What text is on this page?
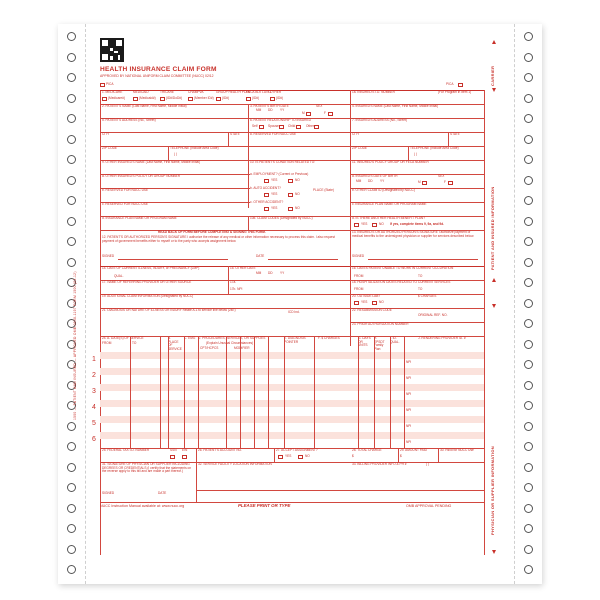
HEALTH INSURANCE CLAIM FORM
APPROVED BY NATIONAL UNIFORM CLAIM COMMITTEE (NUCC) 02/12
PICA	PICA	CARRIER
PATIENT AND INSURED INFORMATION
PHYSICIAN OR SUPPLIER INFORMATION
1500 — PATIENT AND INSURED — APPROVED OMB-0938-1197 FORM 1500 (02-12)
1. MEDICARE	MEDICAID	TRICARE	CHAMPVA	GROUP HEALTH PLAN
FECA BLK LUNG OTHER
(Medicare#)	(Medicaid#)	(ID#/DoD#)	(Member ID#)	(ID#)	(ID#)	(ID#)
1a. INSURED'S I.D. NUMBER	(For Program in Item 1)
2. PATIENT'S NAME (Last Name, First Name, Middle Initial)	3. PATIENT'S BIRTH DATE	SEX
MM DD YY
M	F
4. INSURED'S NAME (Last Name, First Name, Middle Initial)
5. PATIENT'S ADDRESS (No., Street)	6. PATIENT RELATIONSHIP TO INSURED
Self	Spouse	Child	Other
7. INSURED'S ADDRESS (No., Street)
CITY	STATE	8. RESERVED FOR NUCC USE	CITY	STATE
ZIP CODE	TELEPHONE (Include Area Code)
( )
ZIP CODE	TELEPHONE (Include Area Code)
( )
9. OTHER INSURED'S NAME (Last Name, First Name, Middle Initial)	10. IS PATIENT'S CONDITION RELATED TO:	11. INSURED'S POLICY GROUP OR FECA NUMBER
a. OTHER INSURED'S POLICY OR GROUP NUMBER	a. EMPLOYMENT? (Current or Previous)
YES	NO
a. INSURED'S DATE OF BIRTH	SEX
MM DD YY	M	F
b. RESERVED FOR NUCC USE	b. AUTO ACCIDENT?	PLACE (State)
YES	NO
b. OTHER CLAIM ID (Designated by NUCC)
c. RESERVED FOR NUCC USE	c. OTHER ACCIDENT?
YES	NO
c. INSURANCE PLAN NAME OR PROGRAM NAME
d. INSURANCE PLAN NAME OR PROGRAM NAME	10d. CLAIM CODES (Designated by NUCC)	d. IS THERE ANOTHER HEALTH BENEFIT PLAN?
YES	NO If yes, complete items 9, 9a, and 9d.
READ BACK OF FORM BEFORE COMPLETING & SIGNING THIS FORM.
12. PATIENT'S OR AUTHORIZED PERSON'S SIGNATURE I authorize the release of any medical or other information necessary to process this claim. I also request payment of government benefits either to myself or to the party who accepts assignment below.
13. INSURED'S OR AUTHORIZED PERSON'S SIGNATURE I authorize payment of medical benefits to the undersigned physician or supplier for services described below.
SIGNED	DATE	SIGNED
14. DATE OF CURRENT ILLNESS, INJURY, or PREGNANCY (LMP)
QUAL.
15. OTHER DATE
MM DD YY
16. DATES PATIENT UNABLE TO WORK IN CURRENT OCCUPATION
FROM	TO
17. NAME OF REFERRING PROVIDER OR OTHER SOURCE	17a.
17b. NPI
18. HOSPITALIZATION DATES RELATED TO CURRENT SERVICES
FROM	TO
19. ADDITIONAL CLAIM INFORMATION (Designated by NUCC)	20. OUTSIDE LAB?	$ CHARGES
YES	NO
21. DIAGNOSIS OR NATURE OF ILLNESS OR INJURY Relate A-L to service line below (24E)	ICD Ind.	22. RESUBMISSION CODE
ORIGINAL REF. NO.
23. PRIOR AUTHORIZATION NUMBER
24. A. DATE(S) OF SERVICE
FROM	TO
B. PLACE OF SERVICE
C. EMG D. PROCEDURES, SERVICES, OR SUPPLIES
(Explain Unusual Circumstances)
CPT/HCPCS	MODIFIER
E. DIAGNOSIS POINTER
F. $ CHARGES	G. DAYS OR UNITS
H. EPSDT Family Plan
I. ID. QUAL.
J. RENDERING PROVIDER ID. #
1	NPI
2	NPI
3	NPI
4	NPI
5	NPI
6	NPI
25. FEDERAL TAX I.D. NUMBER	SSN EIN	26. PATIENT'S ACCOUNT NO.	27. ACCEPT ASSIGNMENT?
YES	NO
28. TOTAL CHARGE
$
29. AMOUNT PAID
$
30. Rsvd for NUCC Use
31. SIGNATURE OF PHYSICIAN OR SUPPLIER INCLUDING DEGREES OR CREDENTIALS (I certify that the statements on the reverse apply to this bill and are made a part thereof.)
32. SERVICE FACILITY LOCATION INFORMATION	33. BILLING PROVIDER INFO & PH #	( )
SIGNED	DATE
NUCC Instruction Manual available at: www.nucc.org	PLEASE PRINT OR TYPE	OMB APPROVAL PENDING
